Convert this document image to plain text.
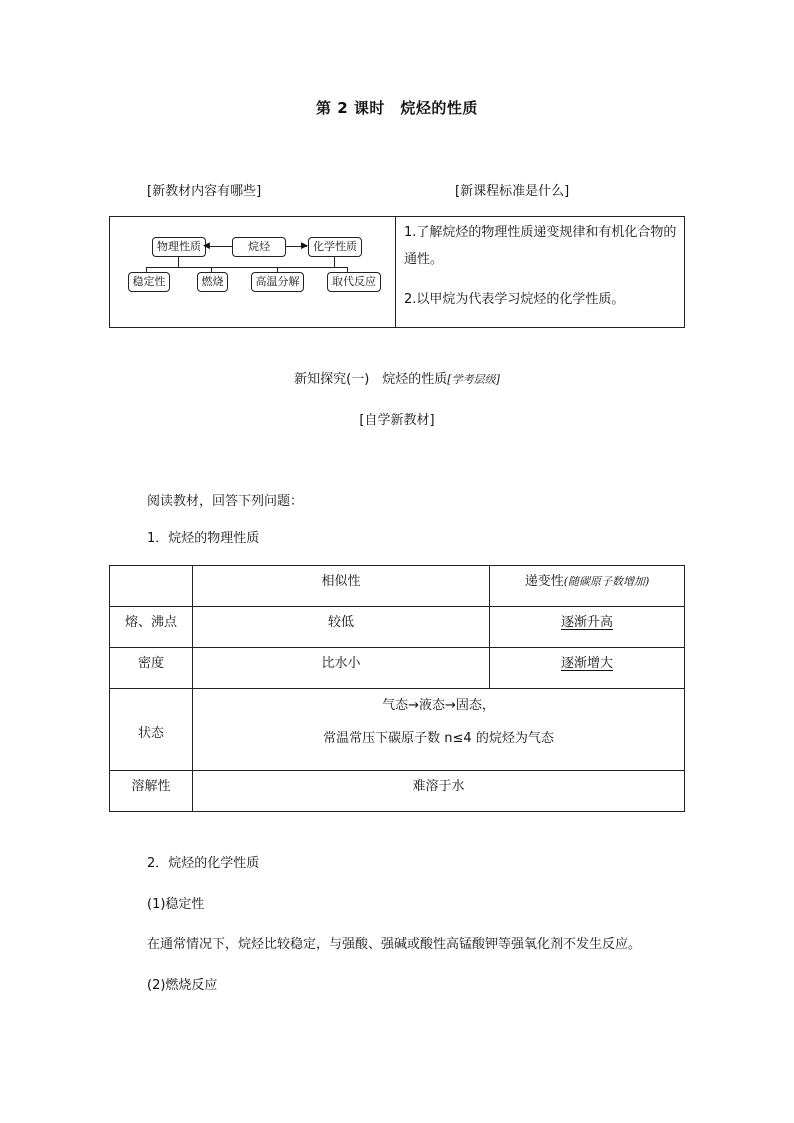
第 2 课时　烷烃的性质
[新教材内容有哪些]	[新课程标准是什么]
物理性质	烷烃	化学性质
◀	▶
稳定性	燃烧	高温分解	取代反应
1.了解烷烃的物理性质递变规律和有机化合物的通性。
2.以甲烷为代表学习烷烃的化学性质。
新知探究(一)　烷烃的性质[学考层级]
[自学新教材]
阅读教材，回答下列问题：
1．烷烃的物理性质
	相似性	递变性(随碳原子数增加)
熔、沸点	较低	逐渐升高
密度	比水小	逐渐增大
状态	气态→液态→固态，
常温常压下碳原子数 n≤4 的烷烃为气态	

溶解性	难溶于水	
2．烷烃的化学性质
(1)稳定性
在通常情况下，烷烃比较稳定，与强酸、强碱或酸性高锰酸钾等强氧化剂不发生反应。
(2)燃烧反应
